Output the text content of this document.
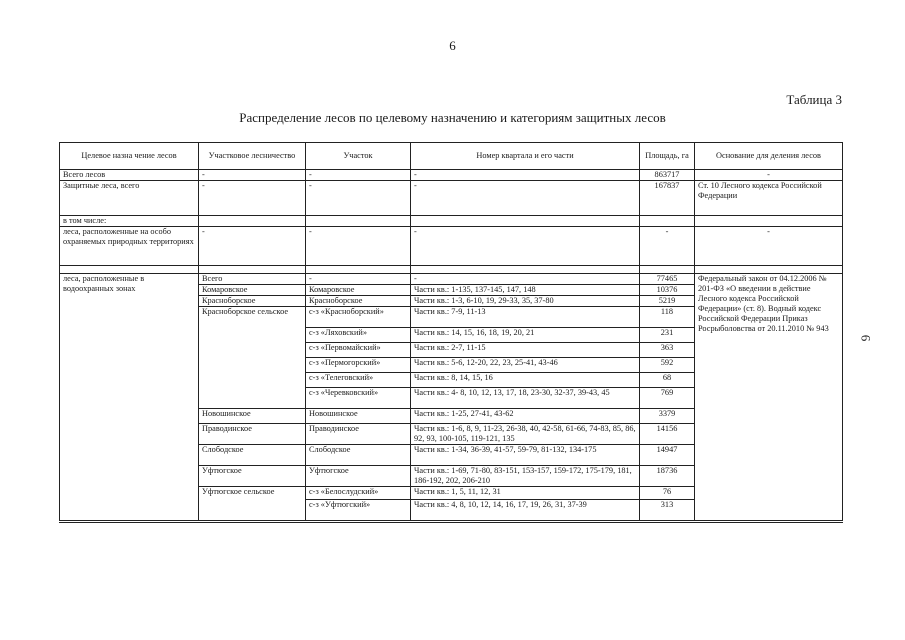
6
6
Таблица 3
Распределение лесов по целевому назначению и категориям защитных лесов
Целевое назна чение лесов	Участковое лесничество	Участок	Номер квартала и его части	Площадь, га	Основание для деления лесов
Всего лесов	-	-	-	863717	-
Защитные леса, всего	-	-	-	167837	Ст. 10 Лесного кодекса Российской Федерации
в том числе:					
леса, расположенные на особо охраняемых природных территориях	-	-	-	-	-

леса, расположенные в водоохранных зонах	Всего	-	-	77465	Федеральный закон от 04.12.2006 № 201-ФЗ «О введении в действие Лесного кодекса Российской Федерации» (ст. 8). Водный кодекс Российской Федерации Приказ Росрыболовства от 20.11.2010 № 943
	Комаровское	Комаровское	Части кв.: 1-135, 137-145, 147, 148	10376	
	Красноборское	Красноборское	Части кв.: 1-3, 6-10, 19, 29-33, 35, 37-80	5219	
	Красноборское сельское	с-з «Красноборский»	Части кв.: 7-9, 11-13	118	
		с-з «Ляховский»	Части кв.: 14, 15, 16, 18, 19, 20, 21	231	
		с-з «Первомайский»	Части кв.: 2-7, 11-15	363	
		с-з «Пермогорский»	Части кв.: 5-6, 12-20, 22, 23, 25-41, 43-46	592	
		с-з «Телеговский»	Части кв.: 8, 14, 15, 16	68	
		с-з «Черевковский»	Части кв.: 4- 8, 10, 12, 13, 17, 18, 23-30, 32-37, 39-43, 45	769	
	Новошинское	Новошинское	Части кв.: 1-25, 27-41, 43-62	3379	
	Праводинское	Праводинское	Части кв.: 1-6, 8, 9, 11-23, 26-38, 40, 42-58, 61-66, 74-83, 85, 86, 92, 93, 100-105, 119-121, 135	14156	
	Слободское	Слободское	Части кв.: 1-34, 36-39, 41-57, 59-79, 81-132, 134-175	14947	
	Уфтюгское	Уфтюгское	Части кв.: 1-69, 71-80, 83-151, 153-157, 159-172, 175-179, 181, 186-192, 202, 206-210	18736	
	Уфтюгское сельское	с-з «Белослудский»	Части кв.: 1, 5, 11, 12, 31	76	
		с-з «Уфтюгский»	Части кв.: 4, 8, 10, 12, 14, 16, 17, 19, 26, 31, 37-39	313	
